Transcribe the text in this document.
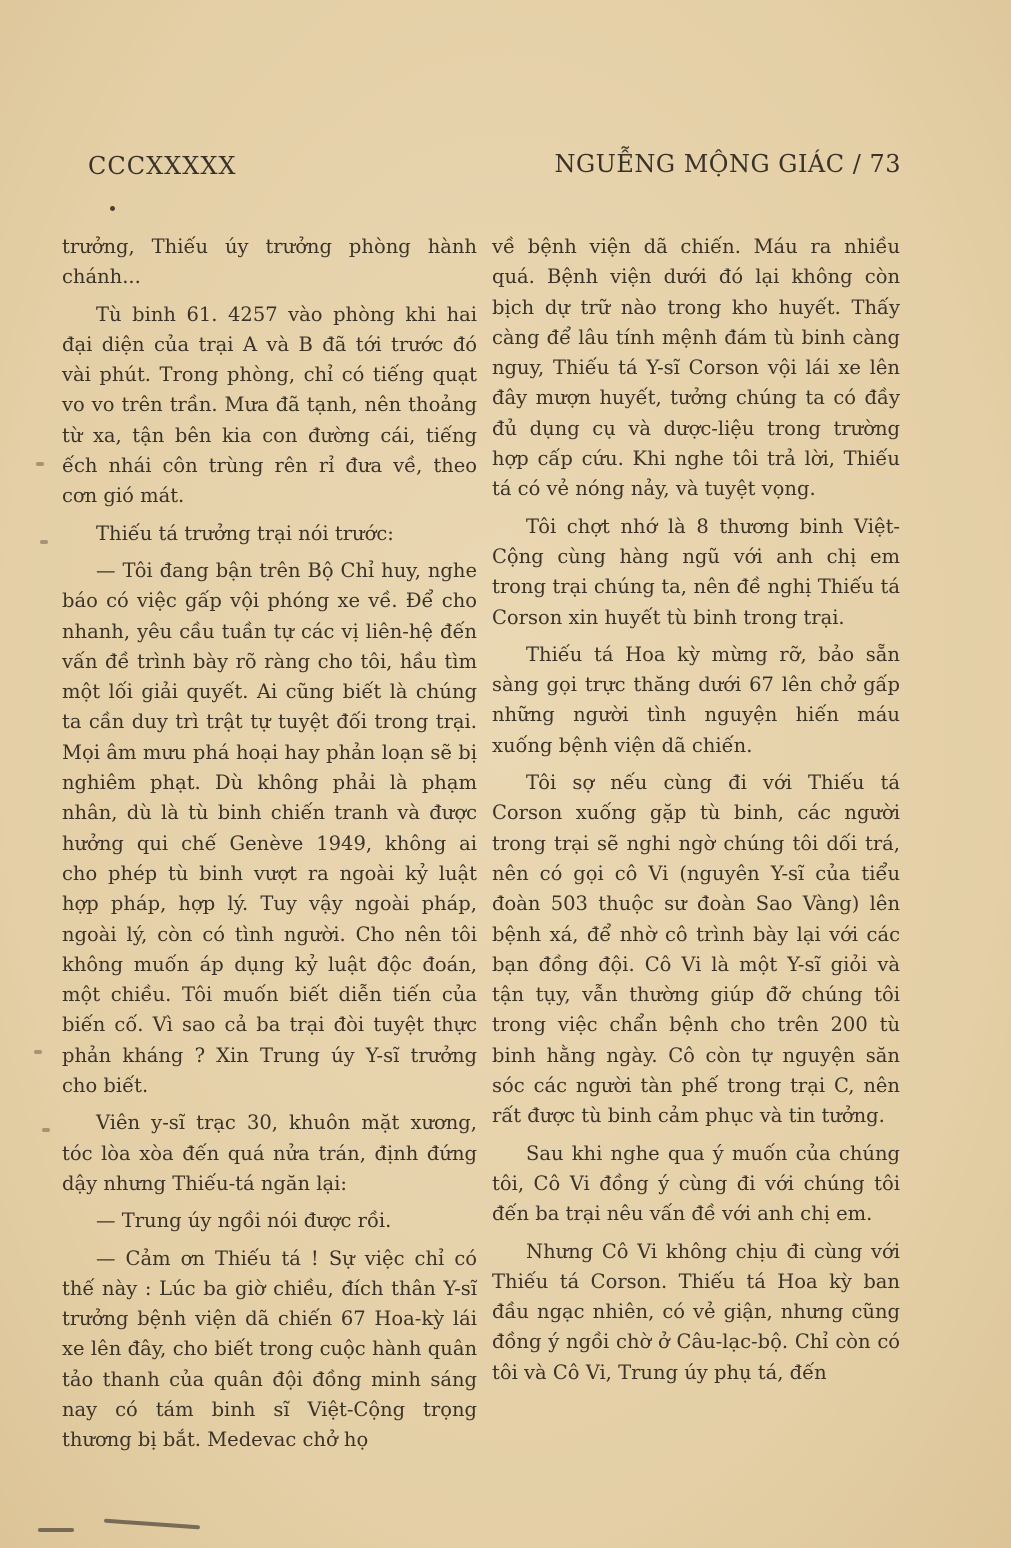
CCCXXXXX	NGUỄNG MỘNG GIÁC / 73

trưởng, Thiếu úy trưởng phòng hành chánh...

Tù binh 61. 4257 vào phòng khi hai đại diện của trại A và B đã tới trước đó vài phút. Trong phòng, chỉ có tiếng quạt vo vo trên trần. Mưa đã tạnh, nên thoảng từ xa, tận bên kia con đường cái, tiếng ếch nhái côn trùng rên rỉ đưa về, theo cơn gió mát.

Thiếu tá trưởng trại nói trước:

— Tôi đang bận trên Bộ Chỉ huy, nghe báo có việc gấp vội phóng xe về. Để cho nhanh, yêu cầu tuần tự các vị liên-hệ đến vấn đề trình bày rõ ràng cho tôi, hầu tìm một lối giải quyết. Ai cũng biết là chúng ta cần duy trì trật tự tuyệt đối trong trại. Mọi âm mưu phá hoại hay phản loạn sẽ bị nghiêm phạt. Dù không phải là phạm nhân, dù là tù binh chiến tranh và được hưởng qui chế Genève 1949, không ai cho phép tù binh vượt ra ngoài kỷ luật hợp pháp, hợp lý. Tuy vậy ngoài pháp, ngoài lý, còn có tình người. Cho nên tôi không muốn áp dụng kỷ luật độc đoán, một chiều. Tôi muốn biết diễn tiến của biến cố. Vì sao cả ba trại đòi tuyệt thực phản kháng ? Xin Trung úy Y-sĩ trưởng cho biết.

Viên y-sĩ trạc 30, khuôn mặt xương, tóc lòa xòa đến quá nửa trán, định đứng dậy nhưng Thiếu-tá ngăn lại:

— Trung úy ngồi nói được rồi.

— Cảm ơn Thiếu tá ! Sự việc chỉ có thế này : Lúc ba giờ chiều, đích thân Y-sĩ trưởng bệnh viện dã chiến 67 Hoa-kỳ lái xe lên đây, cho biết trong cuộc hành quân tảo thanh của quân đội đồng minh sáng nay có tám binh sĩ Việt-Cộng trọng thương bị bắt. Medevac chở họ

về bệnh viện dã chiến. Máu ra nhiều quá. Bệnh viện dưới đó lại không còn bịch dự trữ nào trong kho huyết. Thấy càng để lâu tính mệnh đám tù binh càng nguy, Thiếu tá Y-sĩ Corson vội lái xe lên đây mượn huyết, tưởng chúng ta có đầy đủ dụng cụ và dược-liệu trong trường hợp cấp cứu. Khi nghe tôi trả lời, Thiếu tá có vẻ nóng nảy, và tuyệt vọng.

Tôi chợt nhớ là 8 thương binh Việt-Cộng cùng hàng ngũ với anh chị em trong trại chúng ta, nên đề nghị Thiếu tá Corson xin huyết tù binh trong trại.

Thiếu tá Hoa kỳ mừng rỡ, bảo sẵn sàng gọi trực thăng dưới 67 lên chở gấp những người tình nguyện hiến máu xuống bệnh viện dã chiến.

Tôi sợ nếu cùng đi với Thiếu tá Corson xuống gặp tù binh, các người trong trại sẽ nghi ngờ chúng tôi dối trá, nên có gọi cô Vi (nguyên Y-sĩ của tiểu đoàn 503 thuộc sư đoàn Sao Vàng) lên bệnh xá, để nhờ cô trình bày lại với các bạn đồng đội. Cô Vi là một Y-sĩ giỏi và tận tụy, vẫn thường giúp đỡ chúng tôi trong việc chẩn bệnh cho trên 200 tù binh hằng ngày. Cô còn tự nguyện săn sóc các người tàn phế trong trại C, nên rất được tù binh cảm phục và tin tưởng.

Sau khi nghe qua ý muốn của chúng tôi, Cô Vi đồng ý cùng đi với chúng tôi đến ba trại nêu vấn đề với anh chị em.

Nhưng Cô Vi không chịu đi cùng với Thiếu tá Corson. Thiếu tá Hoa kỳ ban đầu ngạc nhiên, có vẻ giận, nhưng cũng đồng ý ngồi chờ ở Câu-lạc-bộ. Chỉ còn có tôi và Cô Vi, Trung úy phụ tá, đến
